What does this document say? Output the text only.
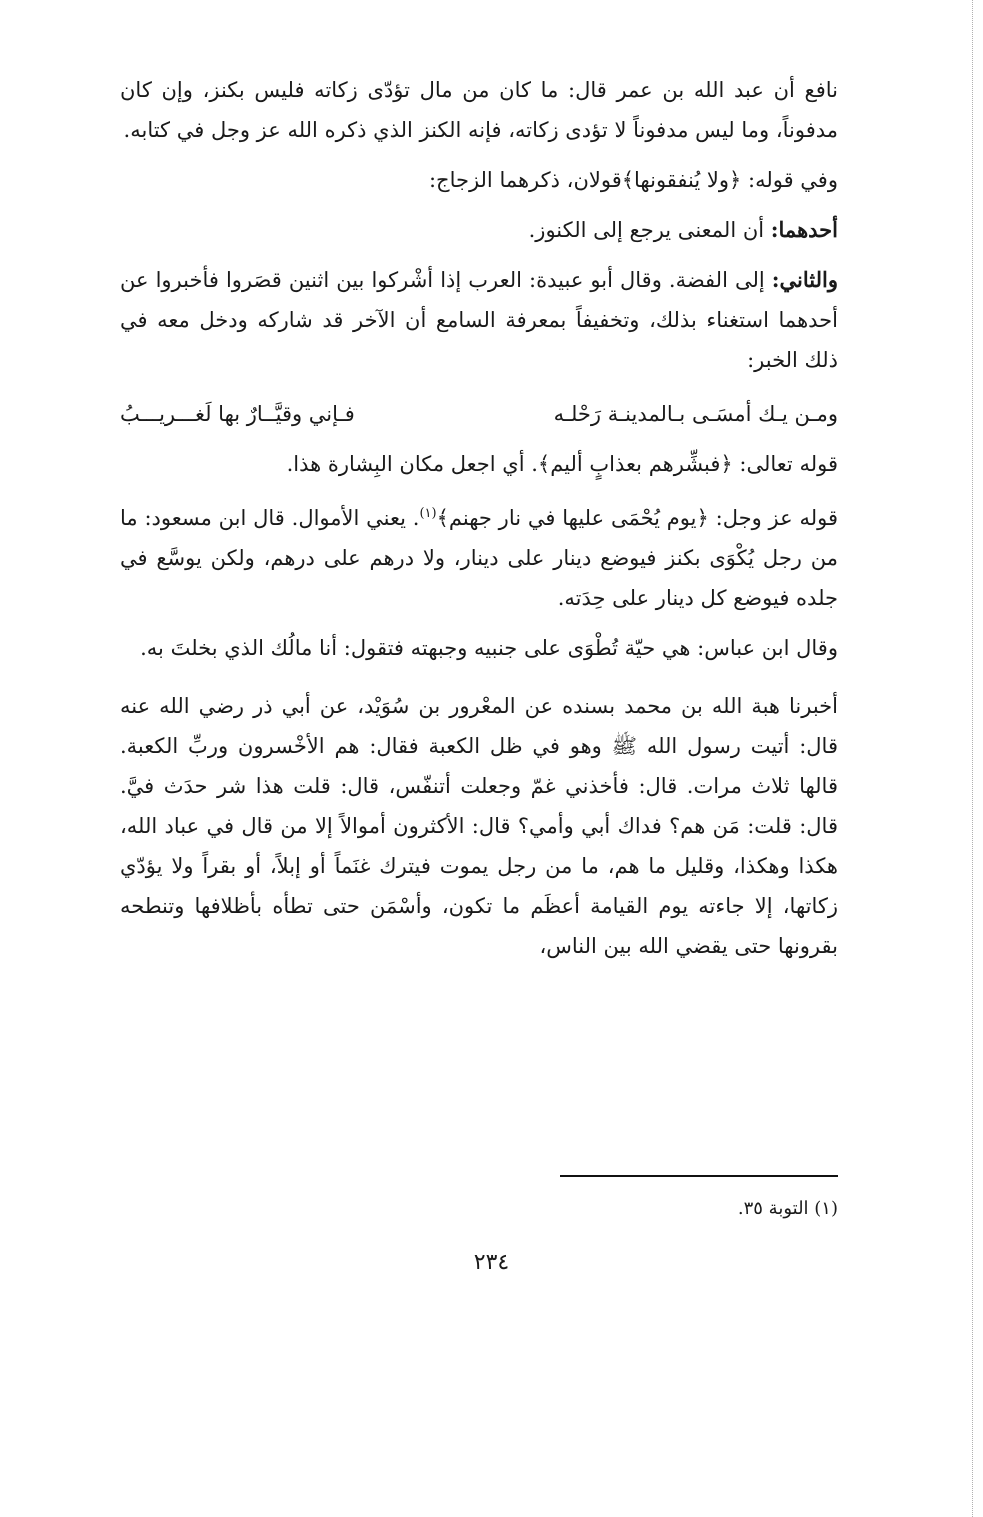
نافع أن عبد الله بن عمر قال: ما كان من مال تؤدّى زكاته فليس بكنز، وإن كان مدفوناً، وما ليس مدفوناً لا تؤدى زكاته، فإنه الكنز الذي ذكره الله عز وجل في كتابه.

وفي قوله: ﴿ولا يُنفقونها﴾قولان، ذكرهما الزجاج:

أحدهما: أن المعنى يرجع إلى الكنوز.

والثاني: إلى الفضة. وقال أبو عبيدة: العرب إذا أشْركوا بين اثنين قصَروا فأخبروا عن أحدهما استغناء بذلك، وتخفيفاً بمعرفة السامع أن الآخر قد شاركه ودخل معه في ذلك الخبر:

ومـن يـك أمسَـى بـالمدينـة رَحْلـه
فـإني وقيَّــارٌ بها لَغـــريـــبُ

قوله تعالى: ﴿فبشِّرهم بعذابٍ أليم﴾. أي اجعل مكان البِشارة هذا.

قوله عز وجل: ﴿يوم يُحْمَى عليها في نار جهنم﴾$^{(١)}$. يعني الأموال. قال ابن مسعود: ما من رجل يُكْوَى بكنز فيوضع دينار على دينار، ولا درهم على درهم، ولكن يوسَّع في جلده فيوضع كل دينار على حِدَته.

وقال ابن عباس: هي حيّة تُطْوَى على جنبيه وجبهته فتقول: أنا مالُك الذي بخلتَ به.

أخبرنا هبة الله بن محمد بسنده عن المعْرور بن سُوَيْد، عن أبي ذر رضي الله عنه قال: أتيت رسول الله ﷺ وهو في ظل الكعبة فقال: هم الأخْسرون وربِّ الكعبة. قالها ثلاث مرات. قال: فأخذني غمّ وجعلت أتنفّس، قال: قلت هذا شر حدَث فيَّ. قال: قلت: مَن هم؟ فداك أبي وأمي؟ قال: الأكثرون أموالاً إلا من قال في عباد الله، هكذا وهكذا، وقليل ما هم، ما من رجل يموت فيترك غنَماً أو إبلاً، أو بقراً ولا يؤدّي زكاتها، إلا جاءته يوم القيامة أعظَم ما تكون، وأسْمَن حتى تطأه بأظلافها وتنطحه بقرونها حتى يقضي الله بين الناس،

(١) التوبة ٣٥.
٢٣٤
